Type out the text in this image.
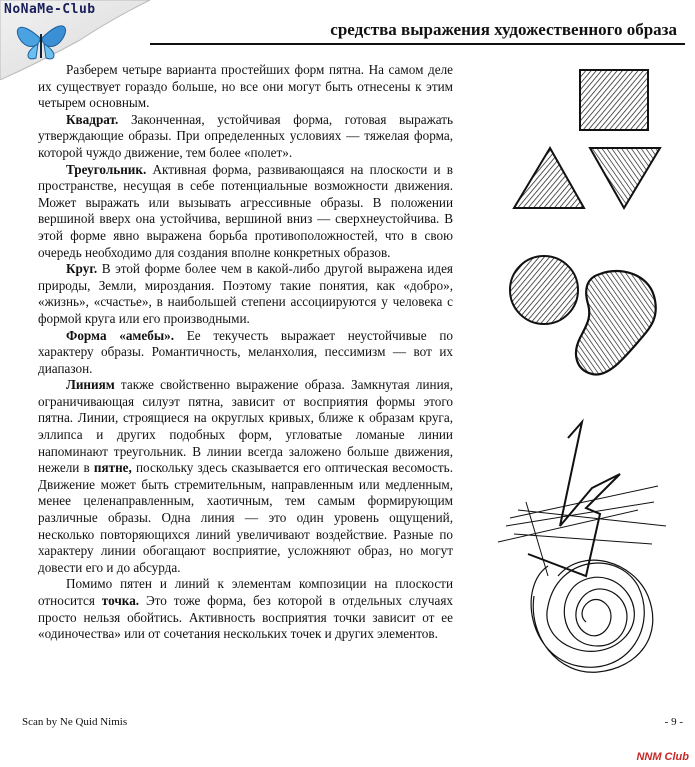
NoNaMe-Club
средства выражения художественного образа

Разберем четыре варианта простейших форм пятна. На самом деле их существует гораздо больше, но все они могут быть отнесены к этим четырем основным.

Квадрат. Законченная, устойчивая форма, готовая выражать утверждающие образы. При определенных условиях — тяжелая форма, которой чуждо движение, тем более «полет».

Треугольник. Активная форма, развивающаяся на плоскости и в пространстве, несущая в себе потенциальные возможности движения. Может выражать или вызывать агрессивные образы. В положении вершиной вверх она устойчива, вершиной вниз — сверхнеустойчива. В этой форме явно выражена борьба противоположностей, что в свою очередь необходимо для создания вполне конкретных образов.

Круг. В этой форме более чем в какой-либо другой выражена идея природы, Земли, мироздания. Поэтому такие понятия, как «добро», «жизнь», «счастье», в наибольшей степени ассоциируются у человека с формой круга или его производными.

Форма «амебы». Ее текучесть выражает неустойчивые по характеру образы. Романтичность, меланхолия, пессимизм — вот их диапазон.

Линиям также свойственно выражение образа. Замкнутая линия, ограничивающая силуэт пятна, зависит от восприятия формы этого пятна. Линии, строящиеся на округлых кривых, ближе к образам круга, эллипса и других подобных форм, угловатые ломаные линии напоминают треугольник. В линии всегда заложено больше движения, нежели в пятне, поскольку здесь сказывается его оптическая весомость. Движение может быть стремительным, направленным или медленным, менее целенаправленным, хаотичным, тем самым формирующим различные образы. Одна линия — это один уровень ощущений, несколько повторяющихся линий увеличивают воздействие. Разные по характеру линии обогащают восприятие, усложняют образ, но могут довести его и до абсурда.

Помимо пятен и линий к элементам композиции на плоскости относится точка. Это тоже форма, без которой в отдельных случаях просто нельзя обойтись. Активность восприятия точки зависит от ее «одиночества» или от сочетания нескольких точек и других элементов.

Scan by Ne Quid Nimis	- 9 -
NNM Club
